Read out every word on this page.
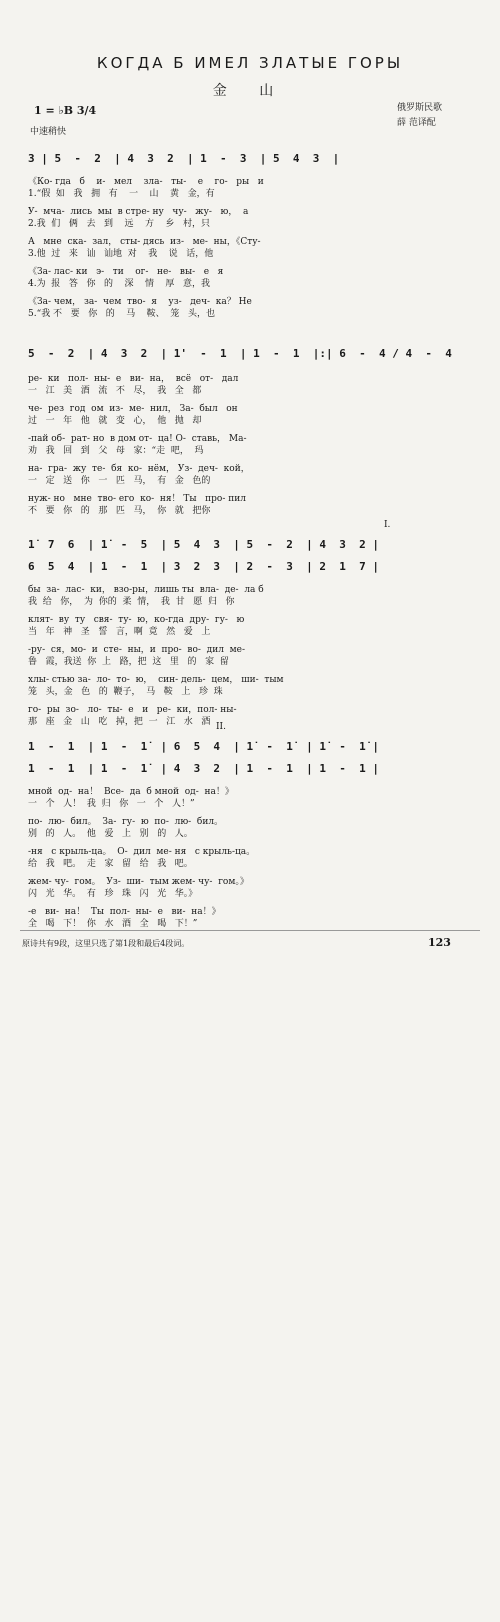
КОГДА Б ИМЕЛ ЗЛАТЫЕ ГОРЫ
金 山
1 = ♭B 3/4
中速稍快
俄罗斯民歌
薛 范译配
3 | 5  -  2  | 4  3  2  | 1  -  3  | 5  4  3  |
《Ко- гда   б    и-   мел    зла-   ты-    е    го-   ры   и
1.“假  如   我   拥   有    一    山    黄   金，有
У-  мча-  лись  мы  в стре- ну   чу-   жу-   ю，  а
2.我  们   俩   去   到    远    方    乡   村，只
А   мне  ска-  зал， сты- дясь  из-   ме-  ны，《Сту-
3.他  过   来   讪   讪地  对    我    说   话，他
《За- лас- ки   э-   ти    ог-   не-   вы-   е   я
4.为  报   答   你   的    深    情    厚   意，我
《За- чем， за-  чем  тво-  я    уз-   деч-  ка？ Не
5.“我 不   要   你   的    马    鞍、  笼   头，也
5  -  2  | 4  3  2  | 1'  -  1  | 1  -  1  |:| 6  -  4 / 4  -  4
ре-  ки   пол-  ны-  е   ви-  на，  всё   от-   дал
一   江   美   酒   流   不   尽，  我   全   都
че-  рез  год  ом  из-  ме-  нил， За-  был   он
过   一   年   他   就   变   心，  他   抛   却
-пай об-  рат- но  в дом от-  ца! О-  ставь， Ма-
劝   我   回   到   父   母   家：“走  吧，  玛
на-  гра-  жу  те-  бя  ко-  нём， Уз-  деч-  кой，
一   定   送   你   一   匹   马，  有   金   色的
нуж- но   мне  тво- его  ко-  ня！ Ты   про- пил
不   要   你   的   那   匹   马，  你   就   把你
I.
1̇  7  6  | 1̇  -  5  | 5  4  3  | 5  -  2  | 4  3  2 |
6  5  4  | 1  -  1  | 3  2  3  | 2  -  3  | 2  1  7 |
бы  за-  лас-  ки， взо-ры，лишь ты  вла-  де-  ла б
我  给   你，  为  你的  柔  情，  我  甘   愿  归   你
клят-  ву  ту   свя-  ту-  ю，ко-гда  дру-  гу-   ю
当   年   神   圣   誓   言，啊  竟   然   爱   上
-ру-  ся，мо-  и  сте-  ны，и  про-  во-  дил  ме-
鲁   霞，我送  你  上   路，把  这   里   的   家  留
хлы- стью за-  ло-  то-  ю，  син- дель-  цем， ши-  тым
笼   头，金   色   的  鞭子，  马   鞍   上   珍  珠
го-  ры  зо-   ло-  ты-  е   и   ре-  ки，пол- ны-
那   座   金   山   吃   掉，把  一   江   水   酒 II.
1  -  1  | 1  -  1̇  | 6  5  4  | 1̇  -  1̇  | 1̇  -  1̇ |
1  -  1  | 1  -  1̇  | 4  3  2  | 1  -  1  | 1  -  1 |
мной  од-  на！  Все-  да  б мной  од-  на！》
一   个   人！  我  归   你   一   个   人！”
по-  лю-  бил。  За-  гу-  ю  по-  лю-  бил。
别   的   人。  他   爱   上   别   的   人。
-ня   с крыль-ца。  О-  дил  ме- ня   с крыль-ца。
给   我   吧。  走   家   留   给   我   吧。
жем- чу-  гом。  Уз-  ши-  тым жем- чу-  гом。》
闪   光   华。  有   珍   珠   闪   光   华。》
-е   ви-  на！  Ты  пол-  ны-  е   ви-  на！》
全   喝   下！  你   水   酒   全   喝   下！”
原诗共有9段，这里只选了第1段和最后4段词。	123
